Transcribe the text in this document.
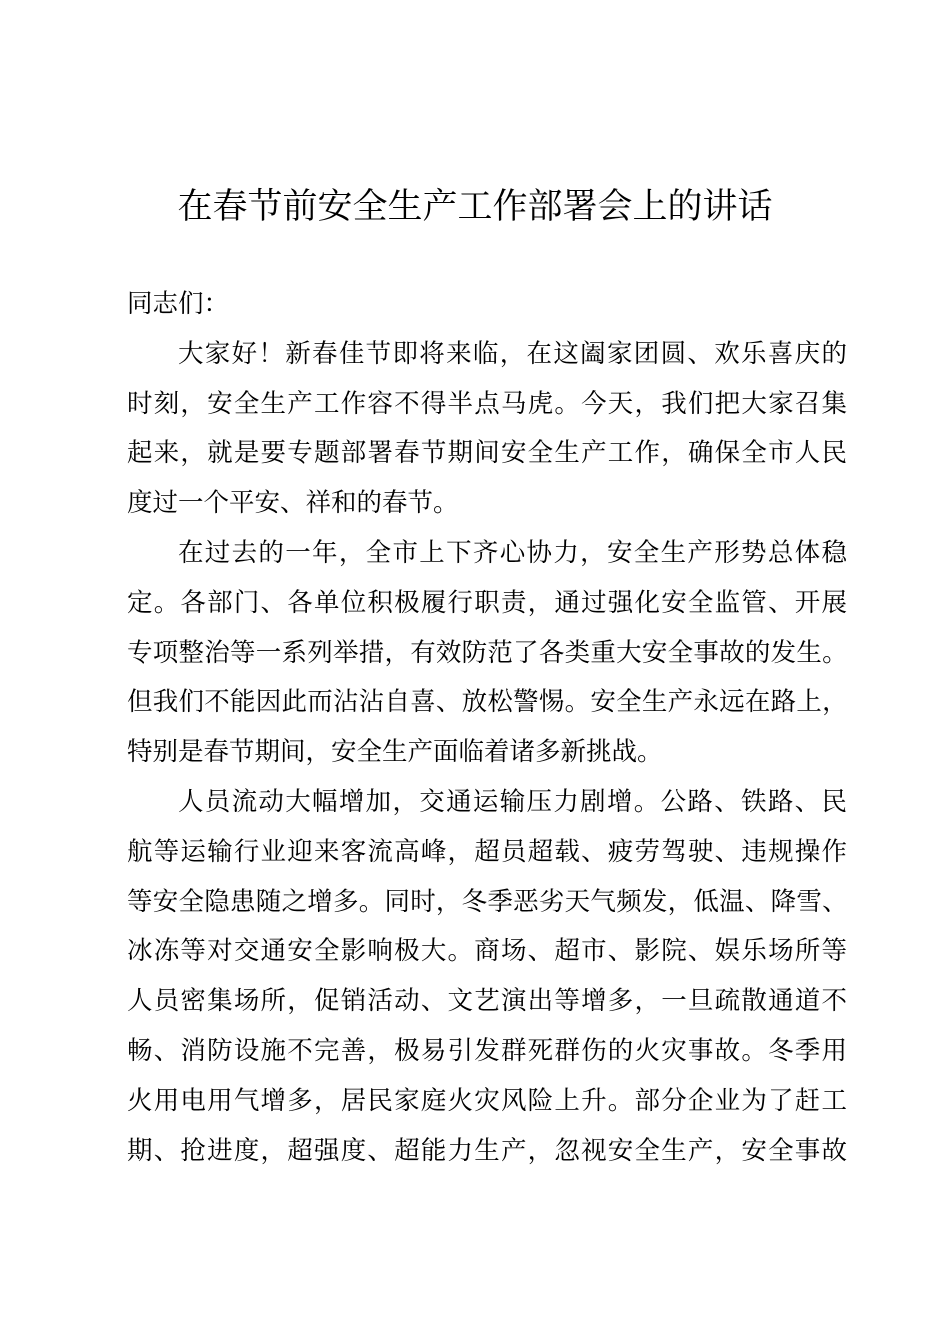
在春节前安全生产工作部署会上的讲话
同志们：
大家好！新春佳节即将来临，在这阖家团圆、欢乐喜庆的
时刻，安全生产工作容不得半点马虎。今天，我们把大家召集
起来，就是要专题部署春节期间安全生产工作，确保全市人民
度过一个平安、祥和的春节。
在过去的一年，全市上下齐心协力，安全生产形势总体稳
定。各部门、各单位积极履行职责，通过强化安全监管、开展
专项整治等一系列举措，有效防范了各类重大安全事故的发生。
但我们不能因此而沾沾自喜、放松警惕。安全生产永远在路上，
特别是春节期间，安全生产面临着诸多新挑战。
人员流动大幅增加，交通运输压力剧增。公路、铁路、民
航等运输行业迎来客流高峰，超员超载、疲劳驾驶、违规操作
等安全隐患随之增多。同时，冬季恶劣天气频发，低温、降雪、
冰冻等对交通安全影响极大。商场、超市、影院、娱乐场所等
人员密集场所，促销活动、文艺演出等增多，一旦疏散通道不
畅、消防设施不完善，极易引发群死群伤的火灾事故。冬季用
火用电用气增多，居民家庭火灾风险上升。部分企业为了赶工
期、抢进度，超强度、超能力生产，忽视安全生产，安全事故
